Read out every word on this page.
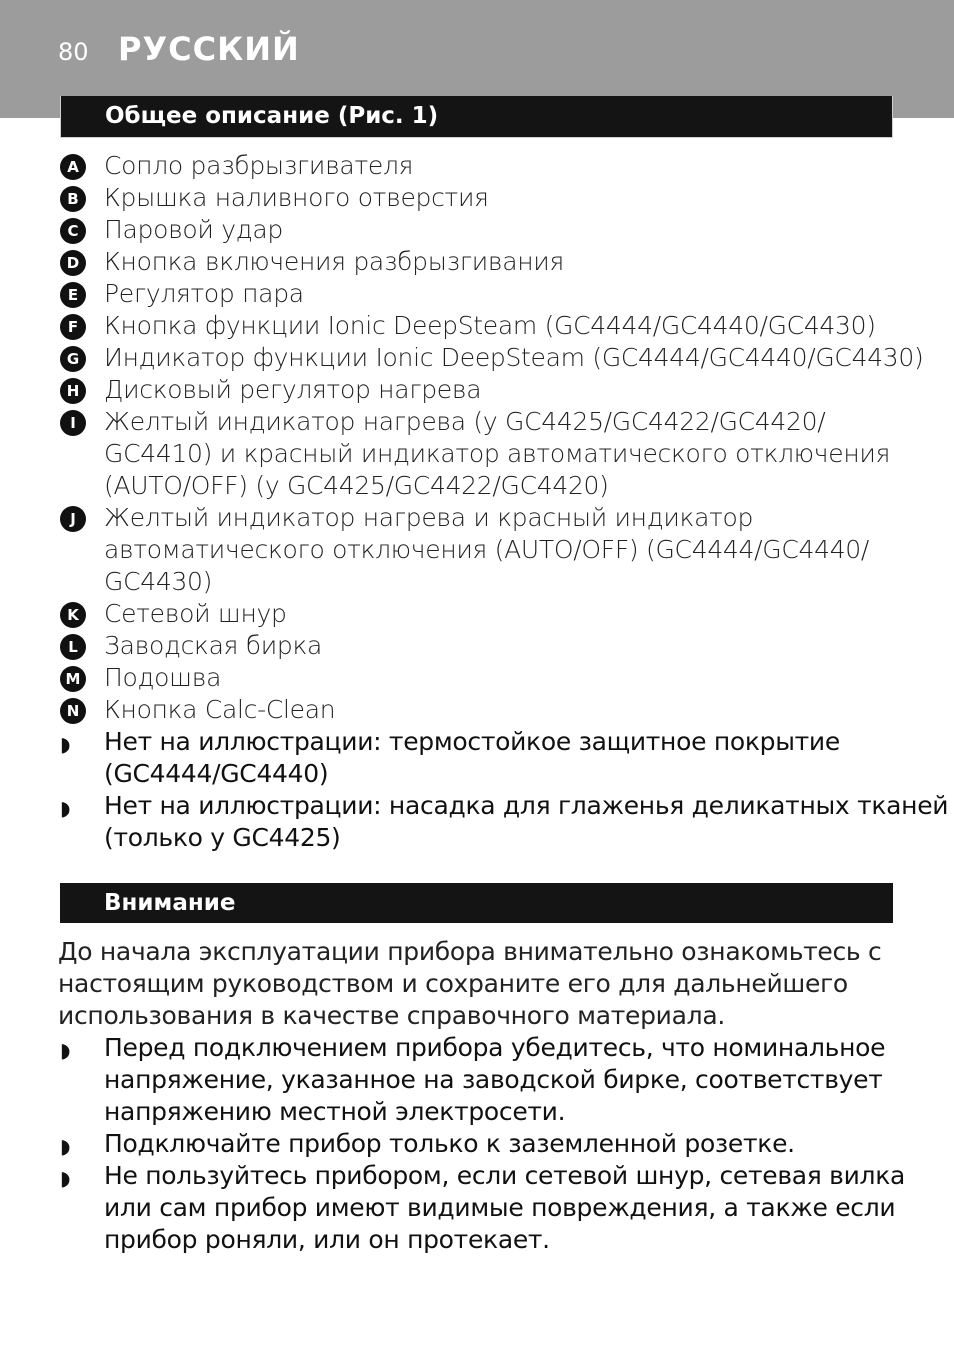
80 РУССКИЙ
Общее описание (Рис. 1)
A Сопло разбрызгивателя
B Крышка наливного отверстия
C	Паровой удар
D Кнопка включения разбрызгивания
E	Регулятор пара
F	Кнопка функции Ionic DeepSteam (GC4444/GC4440/GC4430)
G Индикатор функции Ionic DeepSteam (GC4444/GC4440/GC4430)
H Дисковый регулятор нагрева
I	Желтый индикатор нагрева (у GC4425/GC4422/GC4420/
GC4410) и красный индикатор автоматического отключения
(AUTO/OFF) (у GC4425/GC4422/GC4420)
J	Желтый индикатор нагрева и красный индикатор
автоматического отключения (AUTO/OFF) (GC4444/GC4440/
GC4430)
K Сетевой шнур
L	Заводская бирка
M Подошва
N Кнопка Calc-Clean
◗ Нет на иллюстрации: термостойкое защитное покрытие
(GC4444/GC4440)
◗ Нет на иллюстрации: насадка для глаженья деликатных тканей
(только у GC4425)
Внимание
До начала эксплуатации прибора внимательно ознакомьтесь с
настоящим руководством и сохраните его для дальнейшего
использования в качестве справочного материала.
◗ Перед подключением прибора убедитесь, что номинальное
напряжение, указанное на заводской бирке, соответствует
напряжению местной электросети.
◗ Подключайте прибор только к заземленной розетке.
◗ Не пользуйтесь прибором, если сетевой шнур, сетевая вилка
или сам прибор имеют видимые повреждения, а также если
прибор роняли, или он протекает.
